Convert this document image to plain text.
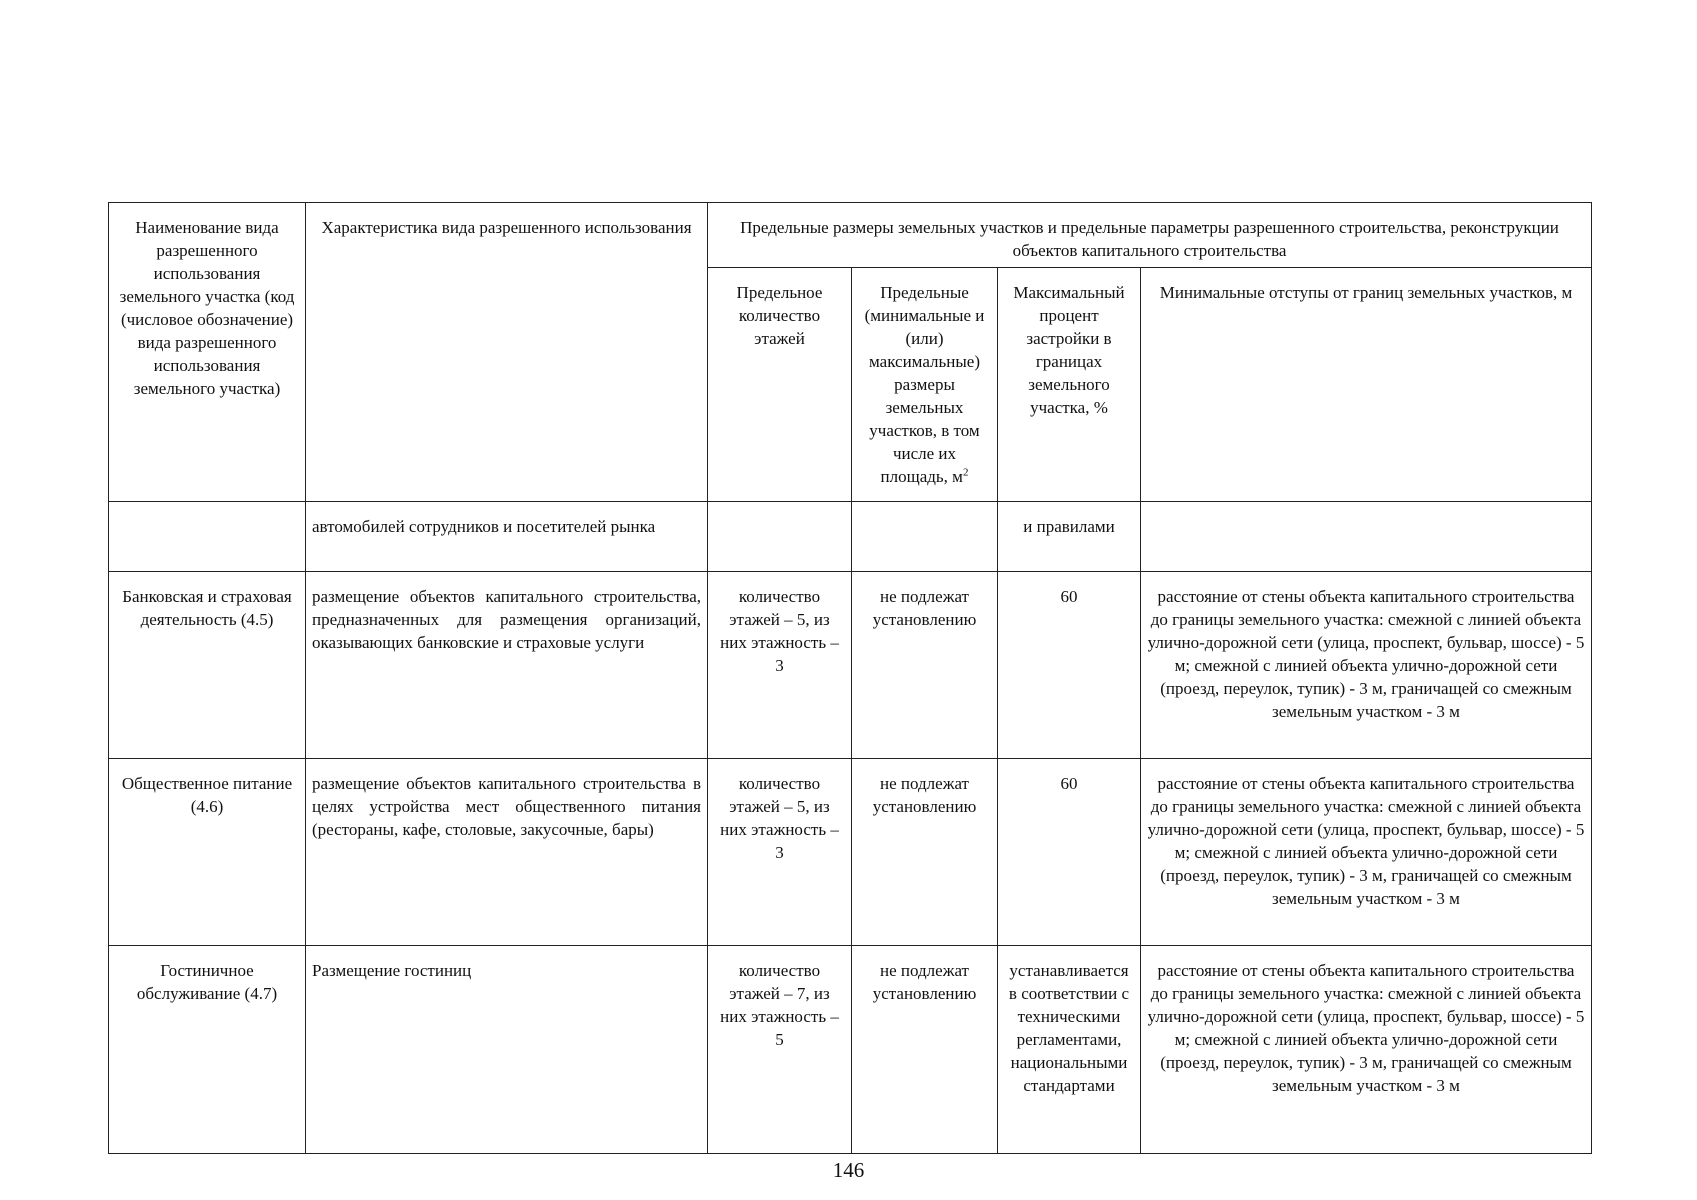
Наименование вида разрешенного использования земельного участка (код (числовое обозначение) вида разрешенного использования земельного участка)	Характеристика вида разрешенного использования	Предельные размеры земельных участков и предельные параметры разрешенного строительства, реконструкции объектов капитального строительства			
		Предельное количество этажей	Предельные (минимальные и (или) максимальные) размеры земельных участков, в том числе их площадь, $м^2$	Максимальный процент застройки в границах земельного участка, %	Минимальные отступы от границ земельных участков, м
	автомобилей сотрудников и посетителей рынка			и правилами	
Банковская и страховая деятельность (4.5)	размещение объектов капитального строительства, предназначенных для размещения организаций, оказывающих банковские и страховые услуги	количество этажей – 5, из них этажность – 3	не подлежат установлению	60	расстояние от стены объекта капитального строительства до границы земельного участка: смежной с линией объекта улично-дорожной сети (улица, проспект, бульвар, шоссе) - 5 м; смежной с линией объекта улично-дорожной сети (проезд, переулок, тупик) - 3 м, граничащей со смежным земельным участком - 3 м
Общественное питание (4.6)	размещение объектов капитального строительства в целях устройства мест общественного питания (рестораны, кафе, столовые, закусочные, бары)	количество этажей – 5, из них этажность – 3	не подлежат установлению	60	расстояние от стены объекта капитального строительства до границы земельного участка: смежной с линией объекта улично-дорожной сети (улица, проспект, бульвар, шоссе) - 5 м; смежной с линией объекта улично-дорожной сети (проезд, переулок, тупик) - 3 м, граничащей со смежным земельным участком - 3 м
Гостиничное обслуживание (4.7)	Размещение гостиниц	количество этажей – 7, из них этажность – 5	не подлежат установлению	устанавливается в соответствии с техническими регламентами, национальными стандартами	расстояние от стены объекта капитального строительства до границы земельного участка: смежной с линией объекта улично-дорожной сети (улица, проспект, бульвар, шоссе) - 5 м; смежной с линией объекта улично-дорожной сети (проезд, переулок, тупик) - 3 м, граничащей со смежным земельным участком - 3 м
146
